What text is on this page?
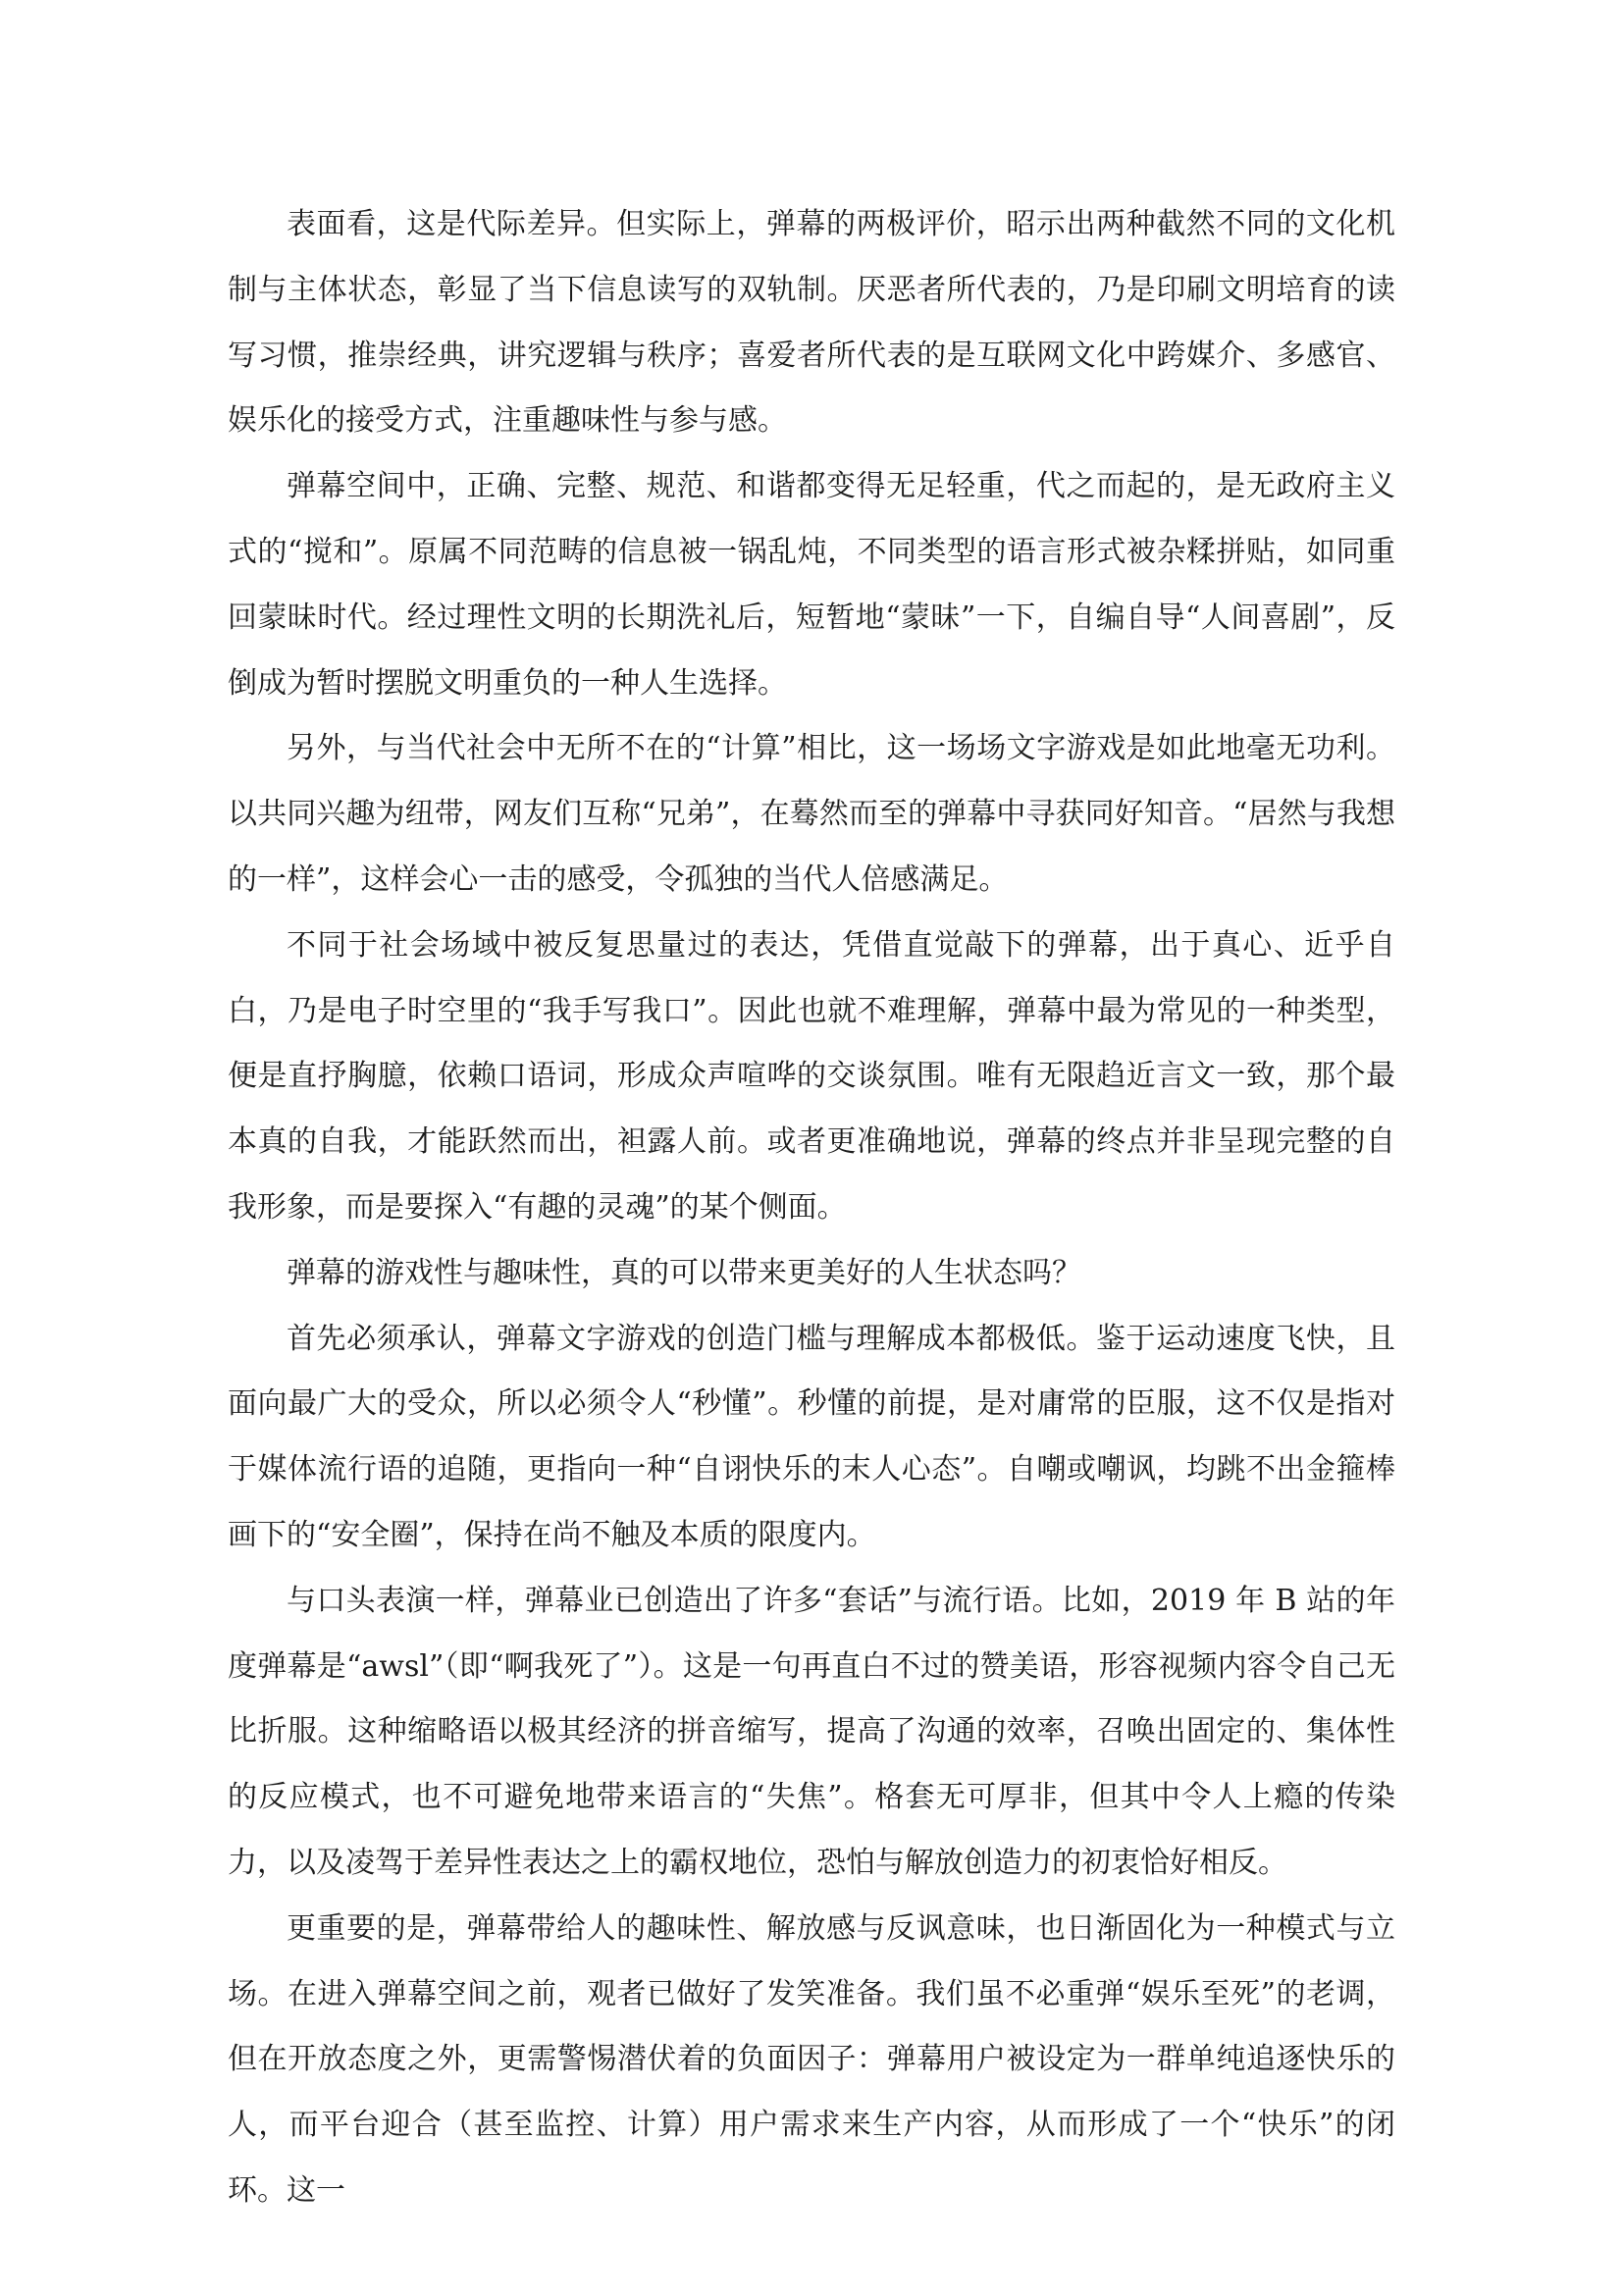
表面看，这是代际差异。但实际上，弹幕的两极评价，昭示出两种截然不同的文化机制与主体状态，彰显了当下信息读写的双轨制。厌恶者所代表的，乃是印刷文明培育的读写习惯，推崇经典，讲究逻辑与秩序；喜爱者所代表的是互联网文化中跨媒介、多感官、娱乐化的接受方式，注重趣味性与参与感。

弹幕空间中，正确、完整、规范、和谐都变得无足轻重，代之而起的，是无政府主义式的“搅和”。原属不同范畴的信息被一锅乱炖，不同类型的语言形式被杂糅拼贴，如同重回蒙昧时代。经过理性文明的长期洗礼后，短暂地“蒙昧”一下，自编自导“人间喜剧”，反倒成为暂时摆脱文明重负的一种人生选择。

另外，与当代社会中无所不在的“计算”相比，这一场场文字游戏是如此地毫无功利。以共同兴趣为纽带，网友们互称“兄弟”，在蓦然而至的弹幕中寻获同好知音。“居然与我想的一样”，这样会心一击的感受，令孤独的当代人倍感满足。

不同于社会场域中被反复思量过的表达，凭借直觉敲下的弹幕，出于真心、近乎自白，乃是电子时空里的“我手写我口”。因此也就不难理解，弹幕中最为常见的一种类型，便是直抒胸臆，依赖口语词，形成众声喧哗的交谈氛围。唯有无限趋近言文一致，那个最本真的自我，才能跃然而出，袒露人前。或者更准确地说，弹幕的终点并非呈现完整的自我形象，而是要探入“有趣的灵魂”的某个侧面。

弹幕的游戏性与趣味性，真的可以带来更美好的人生状态吗？

首先必须承认，弹幕文字游戏的创造门槛与理解成本都极低。鉴于运动速度飞快，且面向最广大的受众，所以必须令人“秒懂”。秒懂的前提，是对庸常的臣服，这不仅是指对于媒体流行语的追随，更指向一种“自诩快乐的末人心态”。自嘲或嘲讽，均跳不出金箍棒画下的“安全圈”，保持在尚不触及本质的限度内。

与口头表演一样，弹幕业已创造出了许多“套话”与流行语。比如，2019 年 B 站的年度弹幕是“awsl”（即“啊我死了”）。这是一句再直白不过的赞美语，形容视频内容令自己无比折服。这种缩略语以极其经济的拼音缩写，提高了沟通的效率，召唤出固定的、集体性的反应模式，也不可避免地带来语言的“失焦”。格套无可厚非，但其中令人上瘾的传染力，以及凌驾于差异性表达之上的霸权地位，恐怕与解放创造力的初衷恰好相反。

更重要的是，弹幕带给人的趣味性、解放感与反讽意味，也日渐固化为一种模式与立场。在进入弹幕空间之前，观者已做好了发笑准备。我们虽不必重弹“娱乐至死”的老调，但在开放态度之外，更需警惕潜伏着的负面因子：弹幕用户被设定为一群单纯追逐快乐的人，而平台迎合（甚至监控、计算）用户需求来生产内容，从而形成了一个“快乐”的闭环。这一
